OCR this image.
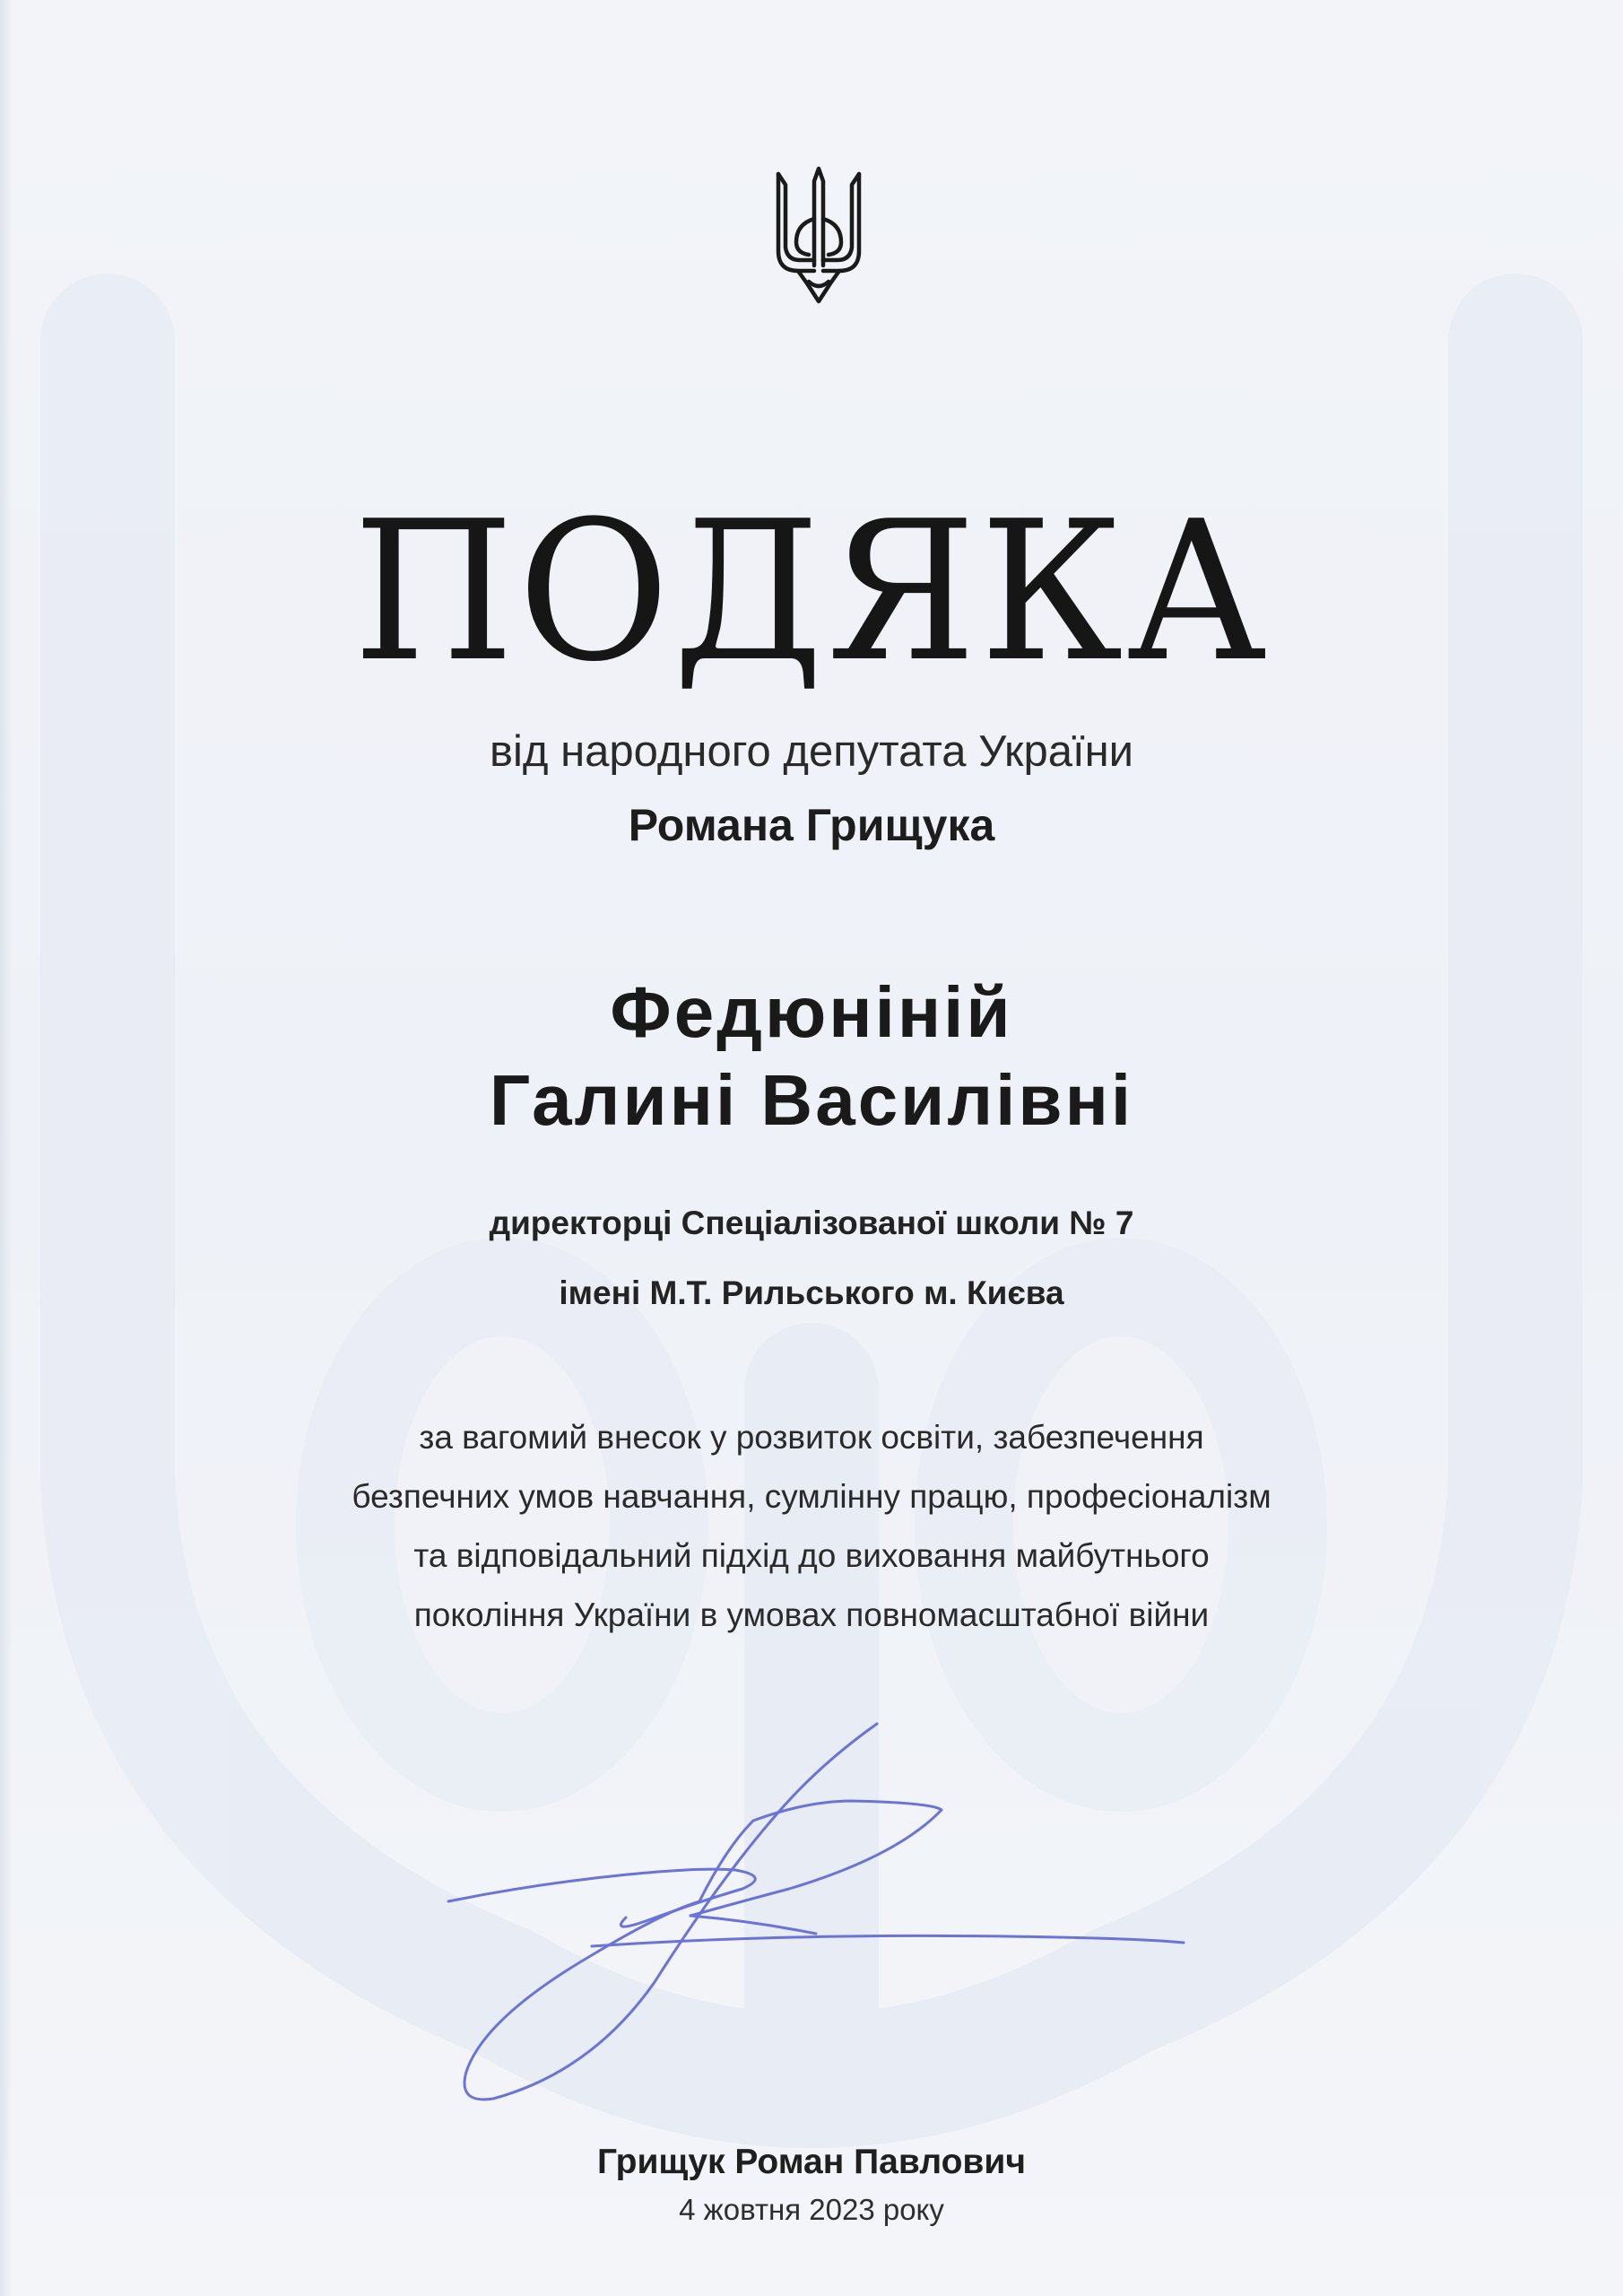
ПОДЯКА
від народного депутата України
Романа Грищука
Федюніній
Галині Василівні
директорці Спеціалізованої школи № 7
імені М.Т. Рильського м. Києва
за вагомий внесок у розвиток освіти, забезпечення
безпечних умов навчання, сумлінну працю, професіоналізм
та відповідальний підхід до виховання майбутнього
покоління України в умовах повномасштабної війни
Грищук Роман Павлович
4 жовтня 2023 року
